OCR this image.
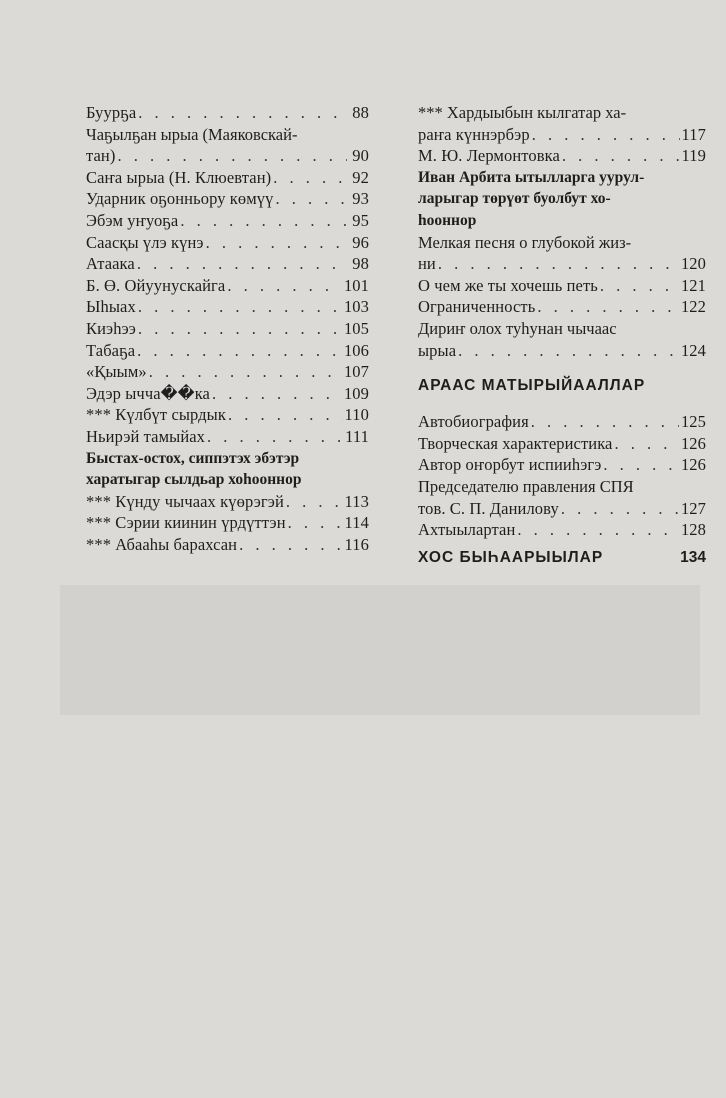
Буурҕа . . .	88
Чаҕылҕан ырыа (Маяковскай-
тан) . . .	90
Саҥа ырыа (Н. Клюевтан) . . .	92
Ударник оҕонньору көмүү . . .	93
Эбэм уҥуоҕа . . .	95
Саасқы үлэ күнэ . . .	96
Атаака . . .	98
Б. Ө. Ойуунускайга . . .	101
Ыһыах . . .	103
Киэһээ . . .	105
Табаҕа . . .	106
«Қыым» . . .	107
Эдэр ычча��ка . . .	109
*** Күлбүт сырдык . . .	110
Ньирэй тамыйах . . .	111
Быстах-остох, сиппэтэх эбэтэр
харатыгар сылдьар хоһооннор
*** Күнду чычаах күөрэгэй . . .	113
*** Сэрии киинин үрдүттэн . . .	114
*** Абааһы барахсан . . .	116
*** Хардыыбын кылгатар ха-
раҥа күннэрбэр . . .	117
М. Ю. Лермонтовка . . .	119
Иван Арбита ытылларга уурул-
ларыгар төрүөт буолбут хо-
һооннор
Мелкая песня о глубокой жиз-
ни . . .	120
О чем же ты хочешь петь . . .	121
Ограниченность . . .	122
Дириҥ олох туһунан чычаас
ырыа . . .	124
АРААС МАТЫРЫЙААЛЛАР
Автобиография . . .	125
Творческая характеристика . . .	126
Автор оҥорбут испииһэгэ . . .	126
Председателю правления СПЯ
тов. С. П. Данилову . . .	127
Ахтыылартан . . .	128
ХОС БЫҺААРЫЫЛАР	134
